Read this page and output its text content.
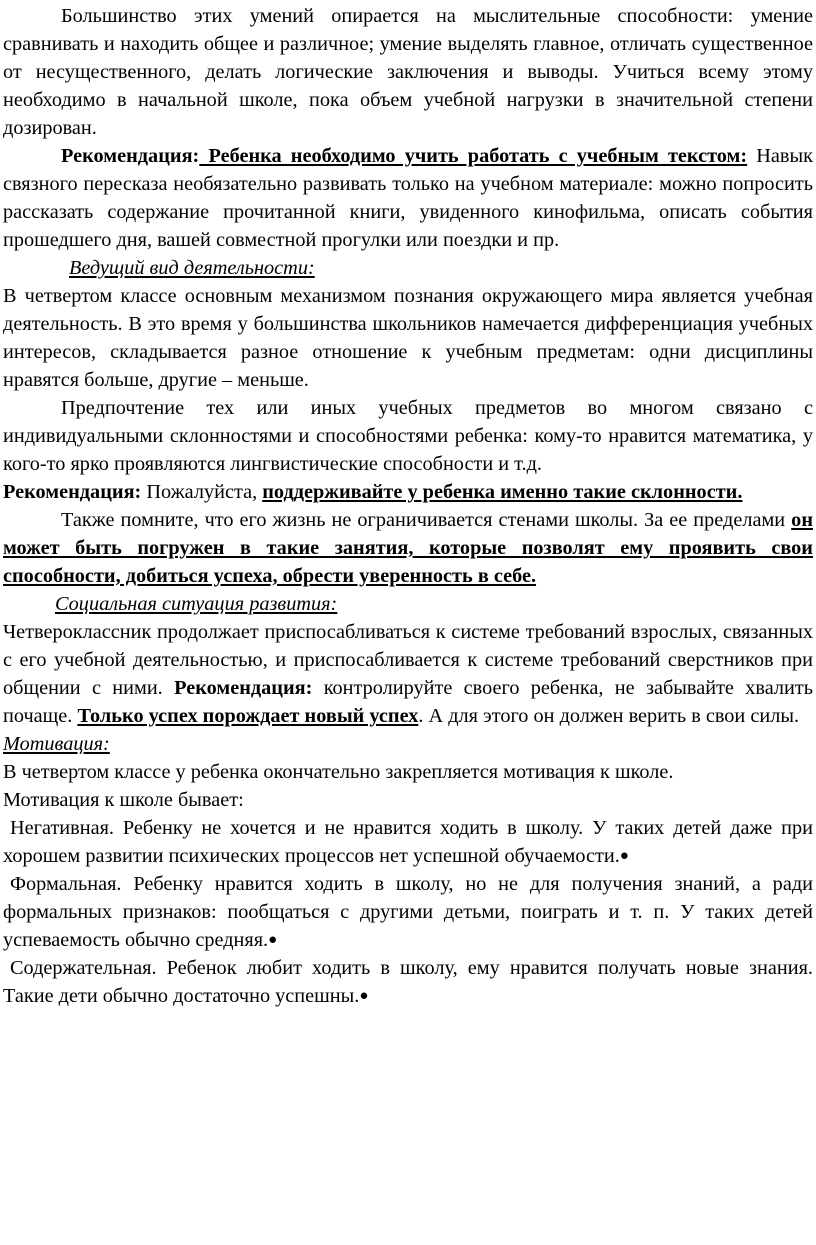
Большинство этих умений опирается на мыслительные способности: умение сравнивать и находить общее и различное; умение выделять главное, отличать существенное от несущественного, делать логические заключения и выводы. Учиться всему этому необходимо в начальной школе, пока объем учебной нагрузки в значительной степени дозирован.

Рекомендация: Ребенка необходимо учить работать с учебным текстом: Навык связного пересказа необязательно развивать только на учебном материале: можно попросить рассказать содержание прочитанной книги, увиденного кинофильма, описать события прошедшего дня, вашей совместной прогулки или поездки и пр.

Ведущий вид деятельности:

В четвертом классе основным механизмом познания окружающего мира является учебная деятельность. В это время у большинства школьников намечается дифференциация учебных интересов, складывается разное отношение к учебным предметам: одни дисциплины нравятся больше, другие – меньше.

Предпочтение тех или иных учебных предметов во многом связано с индивидуальными склонностями и способностями ребенка: кому-то нравится математика, у кого-то ярко проявляются лингвистические способности и т.д.

Рекомендация: Пожалуйста, поддерживайте у ребенка именно такие склонности.

Также помните, что его жизнь не ограничивается стенами школы. За ее пределами он может быть погружен в такие занятия, которые позволят ему проявить свои способности, добиться успеха, обрести уверенность в себе.

Социальная ситуация развития:

Четвероклассник продолжает приспосабливаться к системе требований взрослых, связанных с его учебной деятельностью, и приспосабливается к системе требований сверстников при общении с ними. Рекомендация: контролируйте своего ребенка, не забывайте хвалить почаще. Только успех порождает новый успех. А для этого он должен верить в свои силы.

Мотивация:

В четвертом классе у ребенка окончательно закрепляется мотивация к школе.

Мотивация к школе бывает:

Негативная. Ребенку не хочется и не нравится ходить в школу. У таких детей даже при хорошем развитии психических процессов нет успешной обучаемости.●

Формальная. Ребенку нравится ходить в школу, но не для получения знаний, а ради формальных признаков: пообщаться с другими детьми, поиграть и т. п. У таких детей успеваемость обычно средняя.●

Содержательная. Ребенок любит ходить в школу, ему нравится получать новые знания. Такие дети обычно достаточно успешны.●
